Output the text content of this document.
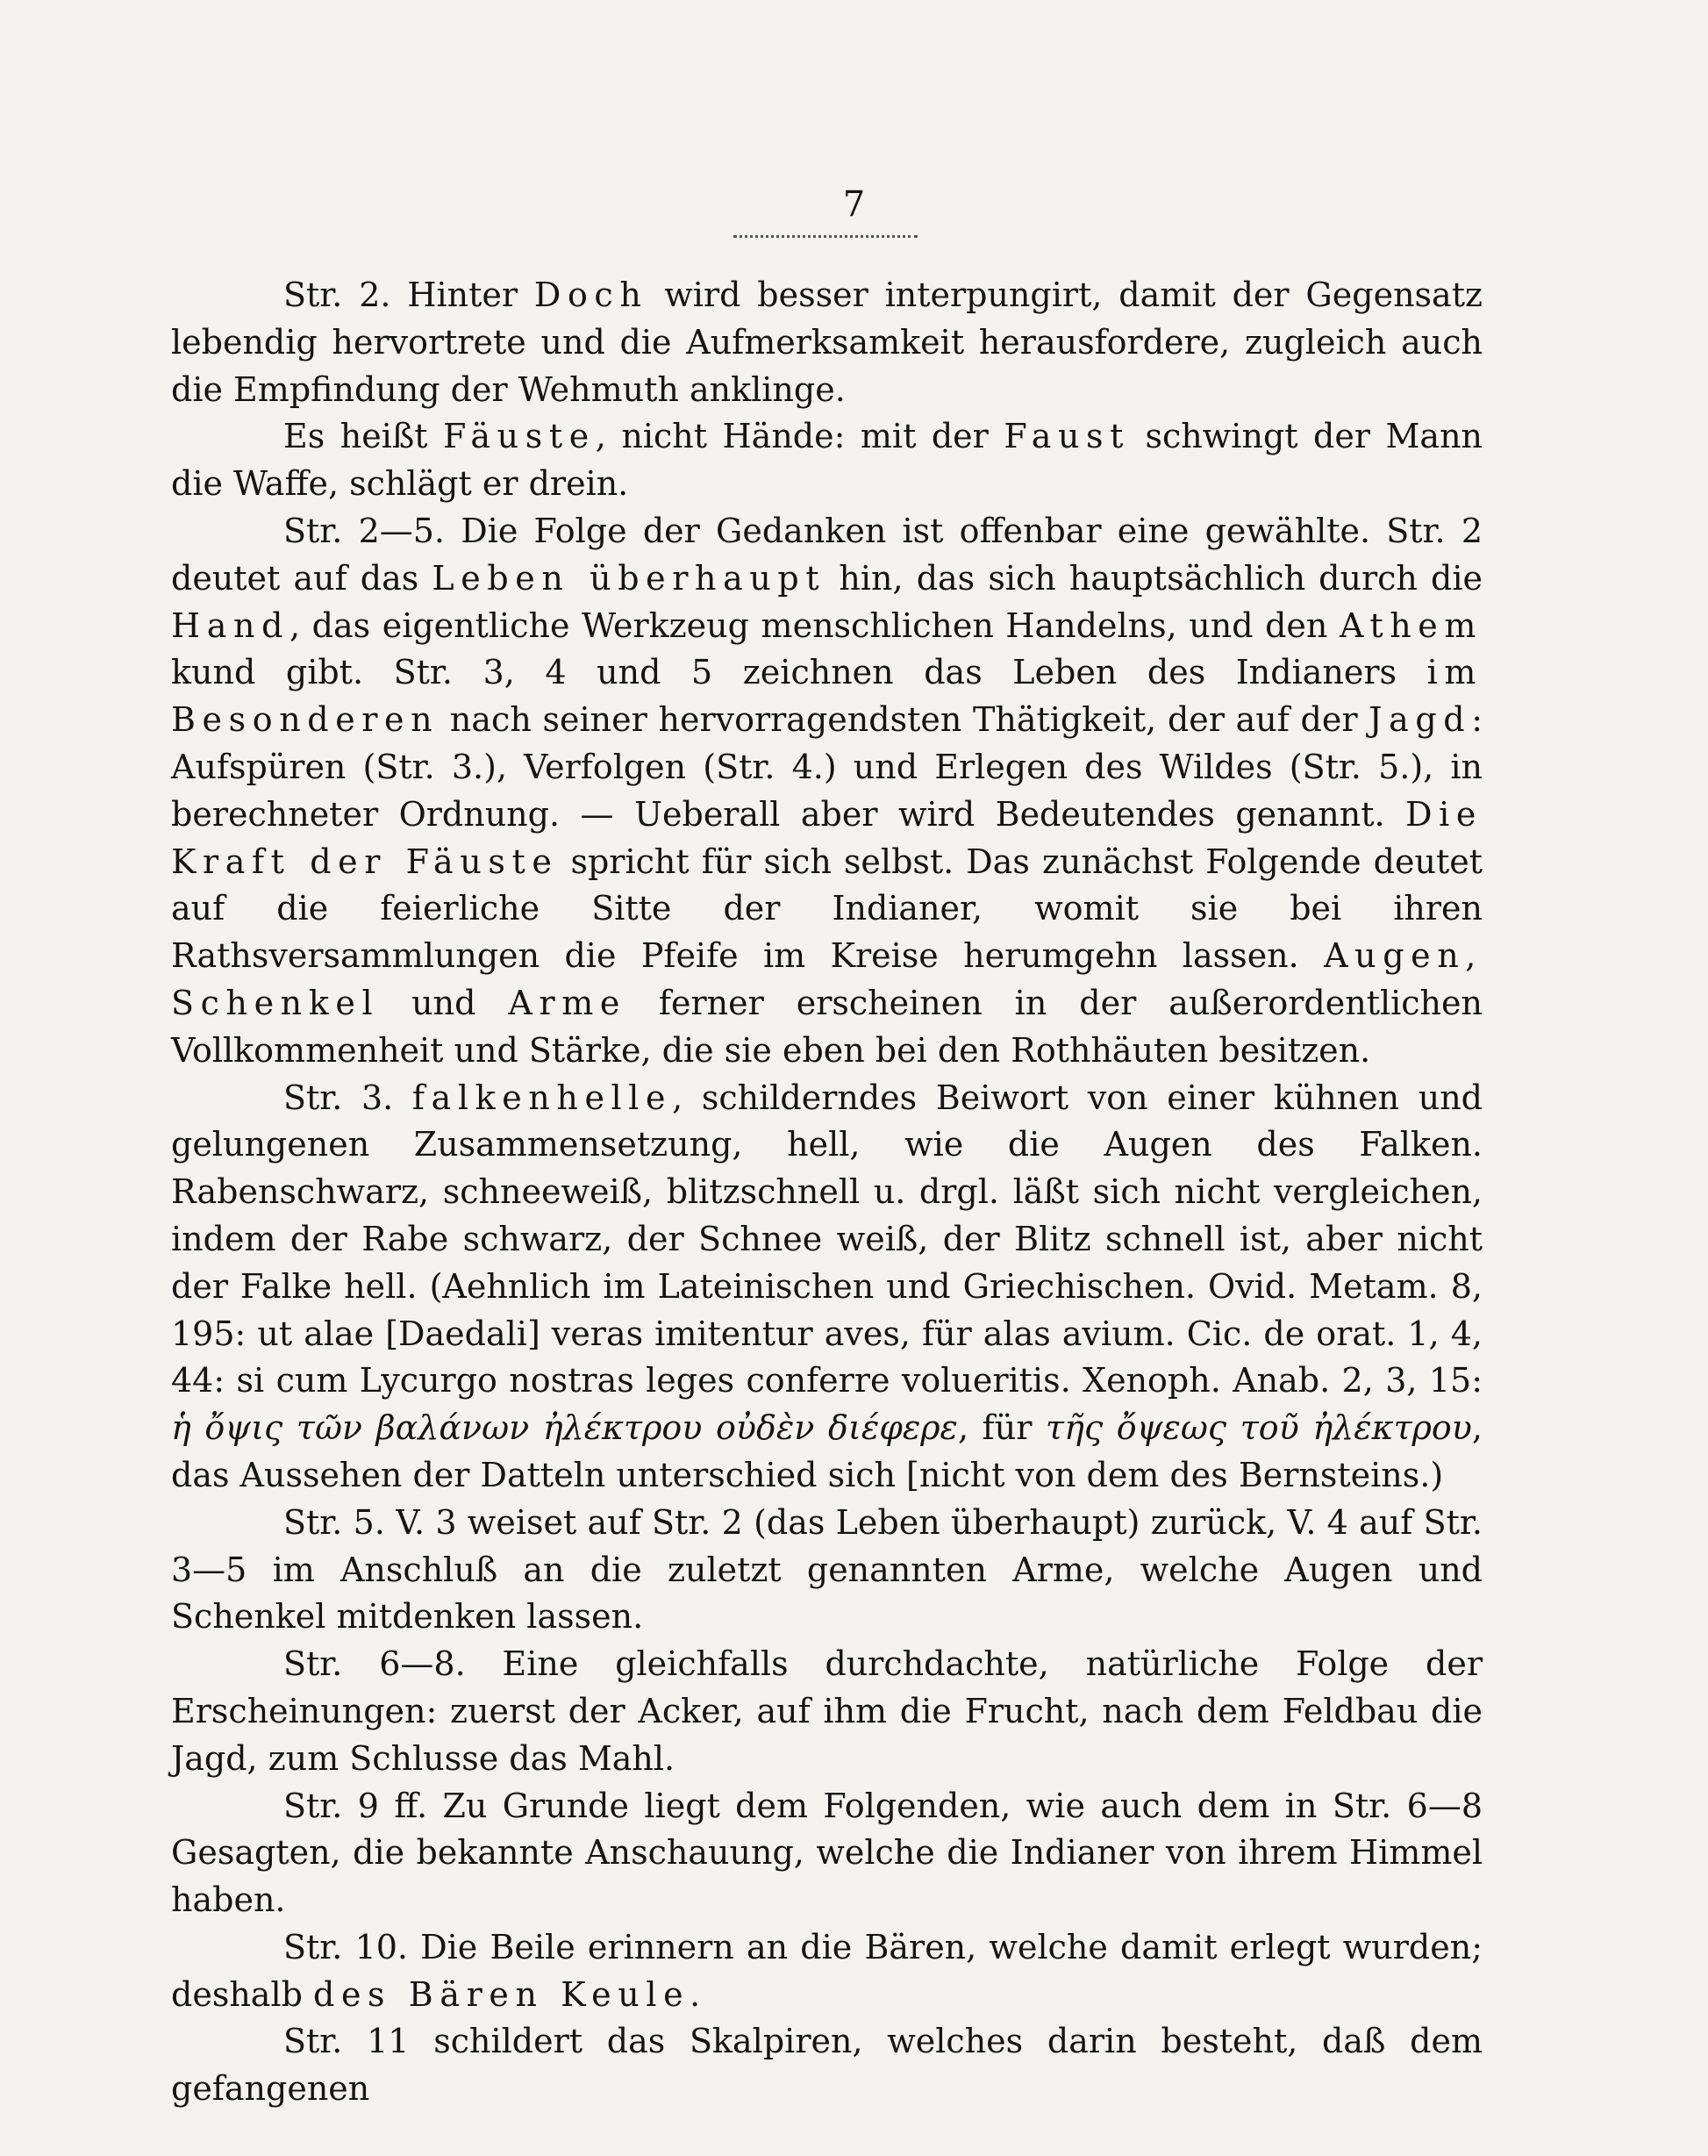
7

Str. 2. Hinter Doch wird besser interpungirt, damit der Gegensatz lebendig hervortrete und die Aufmerksamkeit herausfordere, zugleich auch die Empfindung der Wehmuth anklinge.

Es heißt Fäuste, nicht Hände: mit der Faust schwingt der Mann die Waffe, schlägt er drein.

Str. 2—5. Die Folge der Gedanken ist offenbar eine gewählte. Str. 2 deutet auf das Leben überhaupt hin, das sich hauptsächlich durch die Hand, das eigentliche Werkzeug menschlichen Handelns, und den Athem kund gibt. Str. 3, 4 und 5 zeichnen das Leben des Indianers im Besonderen nach seiner hervorragendsten Thätigkeit, der auf der Jagd: Aufspüren (Str. 3.), Verfolgen (Str. 4.) und Erlegen des Wildes (Str. 5.), in berechneter Ordnung. — Ueberall aber wird Bedeutendes genannt. Die Kraft der Fäuste spricht für sich selbst. Das zunächst Folgende deutet auf die feierliche Sitte der Indianer, womit sie bei ihren Rathsversammlungen die Pfeife im Kreise herumgehn lassen. Augen, Schenkel und Arme ferner erscheinen in der außerordentlichen Vollkommenheit und Stärke, die sie eben bei den Rothhäuten besitzen.

Str. 3. falkenhelle, schilderndes Beiwort von einer kühnen und gelungenen Zusammensetzung, hell, wie die Augen des Falken. Rabenschwarz, schneeweiß, blitzschnell u. drgl. läßt sich nicht vergleichen, indem der Rabe schwarz, der Schnee weiß, der Blitz schnell ist, aber nicht der Falke hell. (Aehnlich im Lateinischen und Griechischen. Ovid. Metam. 8, 195: ut alae [Daedali] veras imitentur aves, für alas avium. Cic. de orat. 1, 4, 44: si cum Lycurgo nostras leges conferre volueritis. Xenoph. Anab. 2, 3, 15: ἡ ὄψις τῶν βαλάνων ἠλέκτρου οὐδὲν διέφερε, für τῆς ὄψεως τοῦ ἠλέκτρου, das Aussehen der Datteln unterschied sich [nicht von dem des Bernsteins.)

Str. 5. V. 3 weiset auf Str. 2 (das Leben überhaupt) zurück, V. 4 auf Str. 3—5 im Anschluß an die zuletzt genannten Arme, welche Augen und Schenkel mitdenken lassen.

Str. 6—8. Eine gleichfalls durchdachte, natürliche Folge der Erscheinungen: zuerst der Acker, auf ihm die Frucht, nach dem Feldbau die Jagd, zum Schlusse das Mahl.

Str. 9 ff. Zu Grunde liegt dem Folgenden, wie auch dem in Str. 6—8 Gesagten, die bekannte Anschauung, welche die Indianer von ihrem Himmel haben.

Str. 10. Die Beile erinnern an die Bären, welche damit erlegt wurden; deshalb des Bären Keule.

Str. 11 schildert das Skalpiren, welches darin besteht, daß dem gefangenen
